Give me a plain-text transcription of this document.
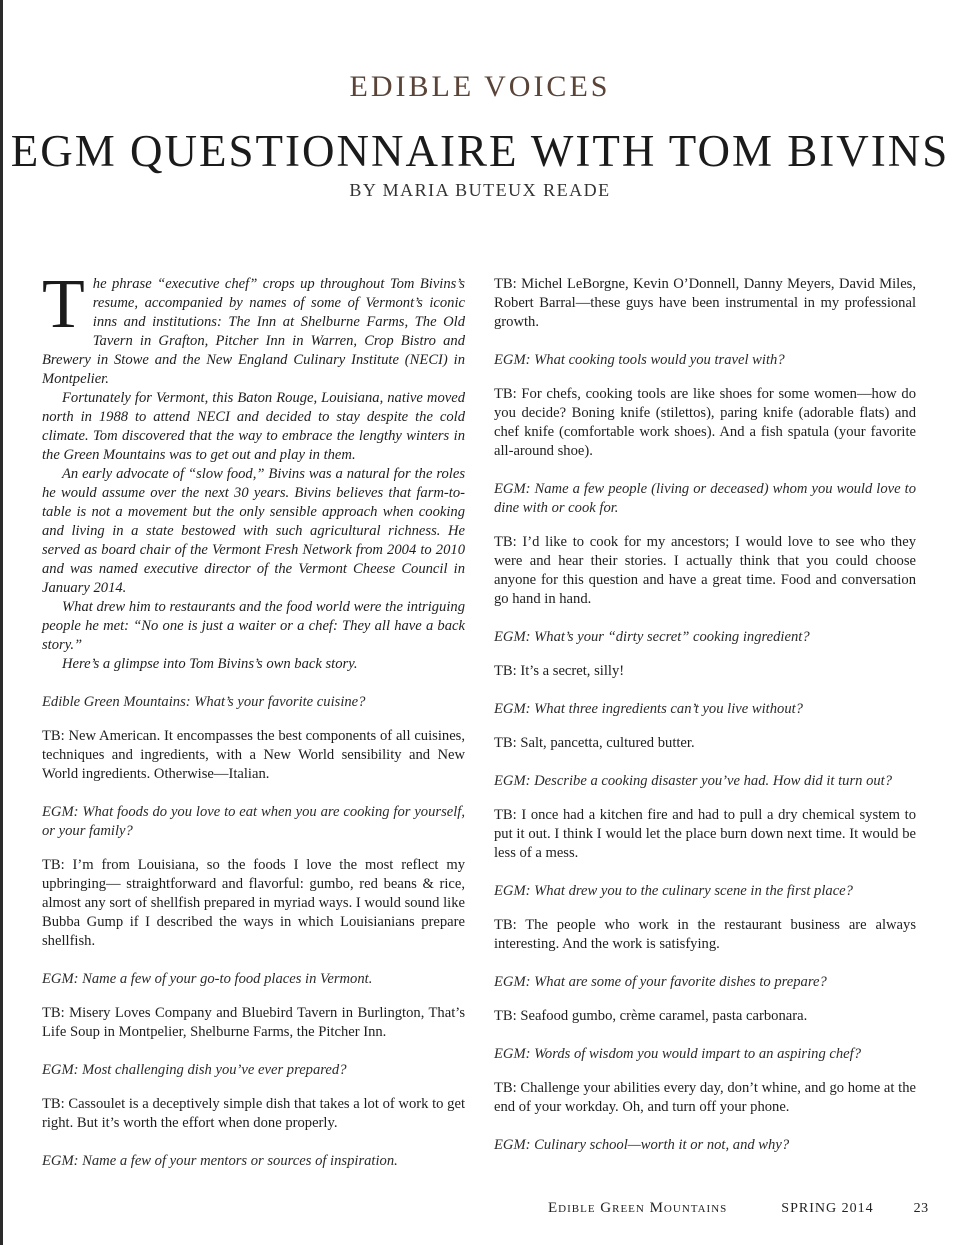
EDIBLE VOICES
EGM QUESTIONNAIRE WITH TOM BIVINS
BY MARIA BUTEUX READE

The phrase “executive chef” crops up throughout Tom Bivins’s resume, accompanied by names of some of Vermont’s iconic inns and institutions: The Inn at Shelburne Farms, The Old Tavern in Grafton, Pitcher Inn in Warren, Crop Bistro and Brewery in Stowe and the New England Culinary Institute (NECI) in Montpelier.

Fortunately for Vermont, this Baton Rouge, Louisiana, native moved north in 1988 to attend NECI and decided to stay despite the cold climate. Tom discovered that the way to embrace the lengthy winters in the Green Mountains was to get out and play in them.

An early advocate of “slow food,” Bivins was a natural for the roles he would assume over the next 30 years. Bivins believes that farm-to-table is not a movement but the only sensible approach when cooking and living in a state bestowed with such agricultural richness. He served as board chair of the Vermont Fresh Network from 2004 to 2010 and was named executive director of the Vermont Cheese Council in January 2014.

What drew him to restaurants and the food world were the intriguing people he met: “No one is just a waiter or a chef: They all have a back story.”

Here’s a glimpse into Tom Bivins’s own back story.

Edible Green Mountains: What’s your favorite cuisine?

TB: New American. It encompasses the best components of all cuisines, techniques and ingredients, with a New World sensibility and New World ingredients. Otherwise—Italian.

EGM: What foods do you love to eat when you are cooking for yourself, or your family?

TB: I’m from Louisiana, so the foods I love the most reflect my upbringing— straightforward and flavorful: gumbo, red beans & rice, almost any sort of shellfish prepared in myriad ways. I would sound like Bubba Gump if I described the ways in which Louisianians prepare shellfish.

EGM: Name a few of your go-to food places in Vermont.

TB: Misery Loves Company and Bluebird Tavern in Burlington, That’s Life Soup in Montpelier, Shelburne Farms, the Pitcher Inn.

EGM: Most challenging dish you’ve ever prepared?

TB: Cassoulet is a deceptively simple dish that takes a lot of work to get right. But it’s worth the effort when done properly.

EGM: Name a few of your mentors or sources of inspiration.

TB: Michel LeBorgne, Kevin O’Donnell, Danny Meyers, David Miles, Robert Barral—these guys have been instrumental in my professional growth.

EGM: What cooking tools would you travel with?

TB: For chefs, cooking tools are like shoes for some women—how do you decide? Boning knife (stilettos), paring knife (adorable flats) and chef knife (comfortable work shoes). And a fish spatula (your favorite all-around shoe).

EGM: Name a few people (living or deceased) whom you would love to dine with or cook for.

TB: I’d like to cook for my ancestors; I would love to see who they were and hear their stories. I actually think that you could choose anyone for this question and have a great time. Food and conversation go hand in hand.

EGM: What’s your “dirty secret” cooking ingredient?

TB: It’s a secret, silly!

EGM: What three ingredients can’t you live without?

TB: Salt, pancetta, cultured butter.

EGM: Describe a cooking disaster you’ve had. How did it turn out?

TB: I once had a kitchen fire and had to pull a dry chemical system to put it out. I think I would let the place burn down next time. It would be less of a mess.

EGM: What drew you to the culinary scene in the first place?

TB: The people who work in the restaurant business are always interesting. And the work is satisfying.

EGM: What are some of your favorite dishes to prepare?

TB: Seafood gumbo, crème caramel, pasta carbonara.

EGM: Words of wisdom you would impart to an aspiring chef?

TB: Challenge your abilities every day, don’t whine, and go home at the end of your workday. Oh, and turn off your phone.

EGM: Culinary school—worth it or not, and why?

Edible Green Mountains	SPRING 2014	23
